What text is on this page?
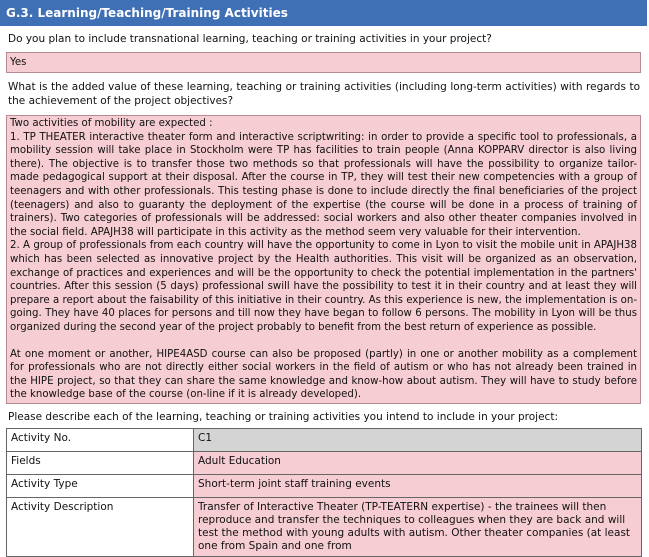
G.3. Learning/Teaching/Training Activities
Do you plan to include transnational learning, teaching or training activities in your project?
Yes
What is the added value of these learning, teaching or training activities (including long-term activities) with regards to the achievement of the project objectives?

Two activities of mobility are expected :

1. TP THEATER interactive theater form and interactive scriptwriting: in order to provide a specific tool to professionals, a mobility session will take place in Stockholm were TP has facilities to train people (Anna KOPPARV director is also living there). The objective is to transfer those two methods so that professionals will have the possibility to organize tailor-made pedagogical support at their disposal. After the course in TP, they will test their new competencies with a group of teenagers and with other professionals. This testing phase is done to include directly the final beneficiaries of the project (teenagers) and also to guaranty the deployment of the expertise (the course will be done in a process of training of trainers). Two categories of professionals will be addressed: social workers and also other theater companies involved in the social field. APAJH38 will participate in this activity as the method seem very valuable for their intervention.

2. A group of professionals from each country will have the opportunity to come in Lyon to visit the mobile unit in APAJH38 which has been selected as innovative project by the Health authorities. This visit will be organized as an observation, exchange of practices and experiences and will be the opportunity to check the potential implementation in the partners' countries. After this session (5 days) professional swill have the possibility to test it in their country and at least they will prepare a report about the faisability of this initiative in their country. As this experience is new, the implementation is on-going. They have 40 places for persons and till now they have began to follow 6 persons. The mobility in Lyon will be thus organized during the second year of the project probably to benefit from the best return of experience as possible.

At one moment or another, HIPE4ASD course can also be proposed (partly) in one or another mobility as a complement for professionals who are not directly either social workers in the field of autism or who has not already been trained in the HIPE project, so that they can share the same knowledge and know-how about autism. They will have to study before the knowledge base of the course (on-line if it is already developed).

Please describe each of the learning, teaching or training activities you intend to include in your project:
Activity No.	C1
Fields	Adult Education
Activity Type	Short-term joint staff training events
Activity Description	Transfer of Interactive Theater (TP-TEATERN expertise) - the trainees will then reproduce and transfer the techniques to colleagues when they are back and will test the method with young adults with autism. Other theater companies (at least one from Spain and one from
